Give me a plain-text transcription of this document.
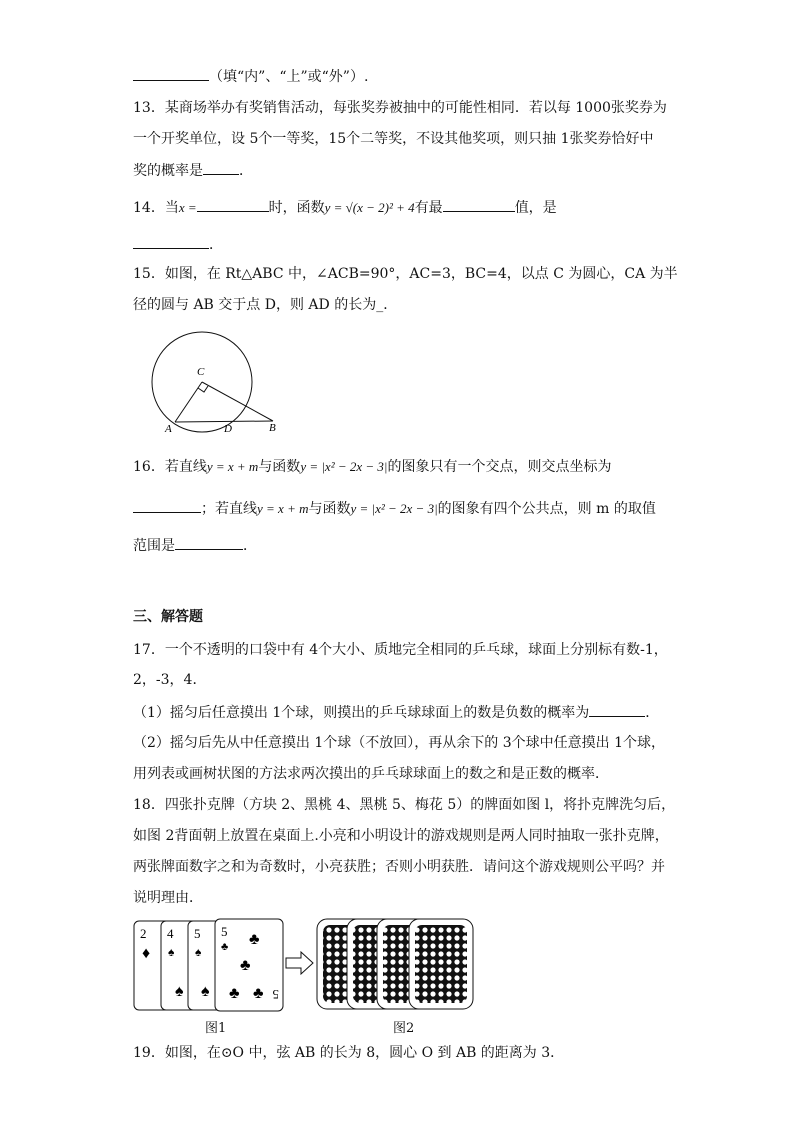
（填“内”、“上”或“外”）.
13．某商场举办有奖销售活动，每张奖券被抽中的可能性相同．若以每 1000张奖券为
一个开奖单位，设 5个一等奖，15个二等奖，不设其他奖项，则只抽 1张奖券恰好中
奖的概率是	．
14．当x =	时，函数y = √(x − 2)² + 4有最	值，是
．
15．如图，在 Rt△ABC 中，∠ACB=90°，AC=3，BC=4，以点 C 为圆心，CA 为半
径的圆与 AB 交于点 D，则 AD 的长为_．
C
A	D	B
16．若直线y = x + m与函数y = |x² − 2x − 3|的图象只有一个交点，则交点坐标为
；若直线y = x + m与函数y = |x² − 2x − 3|的图象有四个公共点，则 m 的取值
范围是	．
三、解答题
17．一个不透明的口袋中有 4个大小、质地完全相同的乒乓球，球面上分别标有数-1，
2，-3，4．
（1）摇匀后任意摸出 1个球，则摸出的乒乓球球面上的数是负数的概率为	．
（2）摇匀后先从中任意摸出 1个球（不放回），再从余下的 3个球中任意摸出 1个球，
用列表或画树状图的方法求两次摸出的乒乓球球面上的数之和是正数的概率．
18．四张扑克牌（方块 2、黑桃 4、黑桃 5、梅花 5）的牌面如图 l，将扑克牌洗匀后，
如图 2背面朝上放置在桌面上.小亮和小明设计的游戏规则是两人同时抽取一张扑克牌，
两张牌面数字之和为奇数时，小亮获胜；否则小明获胜．请问这个游戏规则公平吗？并
说明理由．
2
♦
4
♠
♠
5
♠
♠
5
♣ ♣
♣
♣ ♣ 5
图1	图2
19．如图，在⊙O 中，弦 AB 的长为 8，圆心 O 到 AB 的距离为 3．
